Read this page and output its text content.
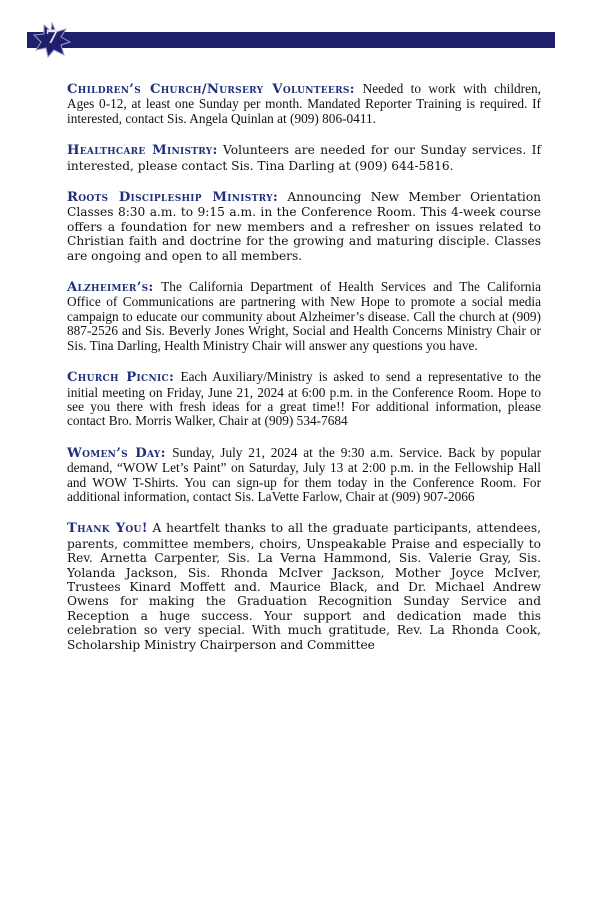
7

Children’s Church/Nursery Volunteers: Needed to work with children, Ages 0-12, at least one Sunday per month. Mandated Reporter Training is required. If interested, contact Sis. Angela Quinlan at (909) 806-0411.

Healthcare Ministry: Volunteers are needed for our Sunday services. If interested, please contact Sis. Tina Darling at (909) 644-5816.

Roots Discipleship Ministry: Announcing New Member Orientation Classes 8:30 a.m. to 9:15 a.m. in the Conference Room. This 4-week course offers a foundation for new members and a refresher on issues related to Christian faith and doctrine for the growing and maturing disciple. Classes are ongoing and open to all members.

Alzheimer’s: The California Department of Health Services and The California Office of Communications are partnering with New Hope to promote a social media campaign to educate our community about Alzheimer’s disease. Call the church at (909) 887-2526 and Sis. Beverly Jones Wright, Social and Health Concerns Ministry Chair or Sis. Tina Darling, Health Ministry Chair will answer any questions you have.

Church Picnic: Each Auxiliary/Ministry is asked to send a representative to the initial meeting on Friday, June 21, 2024 at 6:00 p.m. in the Conference Room. Hope to see you there with fresh ideas for a great time!! For additional information, please contact Bro. Morris Walker, Chair at (909) 534-7684

Women’s Day: Sunday, July 21, 2024 at the 9:30 a.m. Service. Back by popular demand, “WOW Let’s Paint” on Saturday, July 13 at 2:00 p.m. in the Fellowship Hall and WOW T-Shirts. You can sign-up for them today in the Conference Room. For additional information, contact Sis. LaVette Farlow, Chair at (909) 907-2066

Thank You! A heartfelt thanks to all the graduate participants, attendees, parents, committee members, choirs, Unspeakable Praise and especially to Rev. Arnetta Carpenter, Sis. La Verna Hammond, Sis. Valerie Gray, Sis. Yolanda Jackson, Sis. Rhonda McIver Jackson, Mother Joyce McIver, Trustees Kinard Moffett and. Maurice Black, and Dr. Michael Andrew Owens for making the Graduation Recognition Sunday Service and Reception a huge success. Your support and dedication made this celebration so very special. With much gratitude, Rev. La Rhonda Cook, Scholarship Ministry Chairperson and Committee
